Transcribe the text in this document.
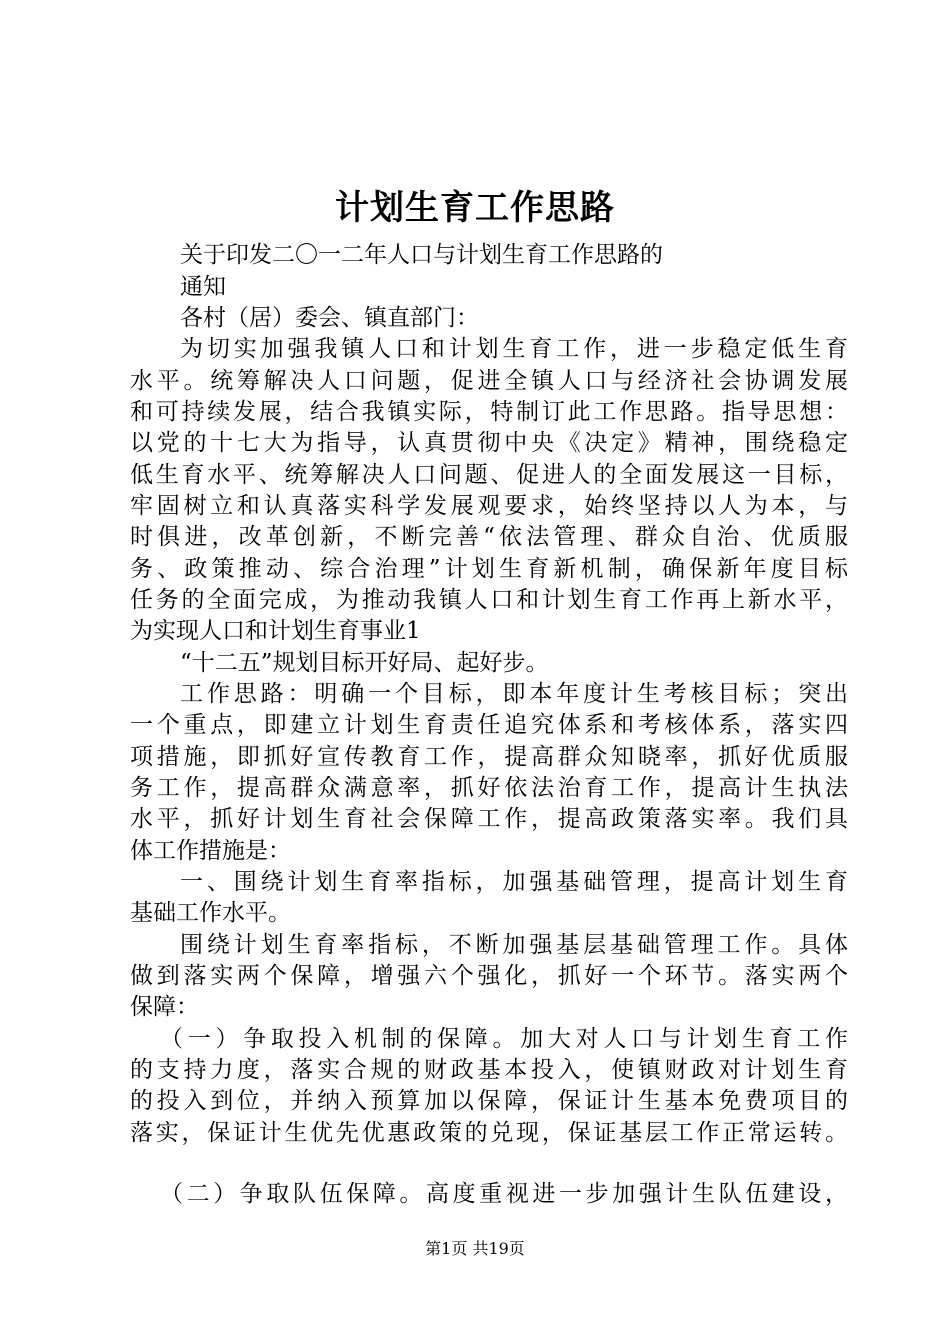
计划生育工作思路
关于印发二〇一二年人口与计划生育工作思路的
通知
各村（居）委会、镇直部门：
为切实加强我镇人口和计划生育工作，进一步稳定低生育
水平。统筹解决人口问题，促进全镇人口与经济社会协调发展
和可持续发展，结合我镇实际，特制订此工作思路。指导思想：
以党的十七大为指导，认真贯彻中央《决定》精神，围绕稳定
低生育水平、统筹解决人口问题、促进人的全面发展这一目标，
牢固树立和认真落实科学发展观要求，始终坚持以人为本，与
时俱进，改革创新，不断完善“依法管理、群众自治、优质服
务、政策推动、综合治理”计划生育新机制，确保新年度目标
任务的全面完成，为推动我镇人口和计划生育工作再上新水平，
为实现人口和计划生育事业1
“十二五”规划目标开好局、起好步。
工作思路：明确一个目标，即本年度计生考核目标；突出
一个重点，即建立计划生育责任追究体系和考核体系，落实四
项措施，即抓好宣传教育工作，提高群众知晓率，抓好优质服
务工作，提高群众满意率，抓好依法治育工作，提高计生执法
水平，抓好计划生育社会保障工作，提高政策落实率。我们具
体工作措施是：
一、围绕计划生育率指标，加强基础管理，提高计划生育
基础工作水平。
围绕计划生育率指标，不断加强基层基础管理工作。具体
做到落实两个保障，增强六个强化，抓好一个环节。落实两个
保障：
（一）争取投入机制的保障。加大对人口与计划生育工作
的支持力度，落实合规的财政基本投入，使镇财政对计划生育
的投入到位，并纳入预算加以保障，保证计生基本免费项目的
落实，保证计生优先优惠政策的兑现，保证基层工作正常运转。
（二）争取队伍保障。高度重视进一步加强计生队伍建设，
第1页 共19页
